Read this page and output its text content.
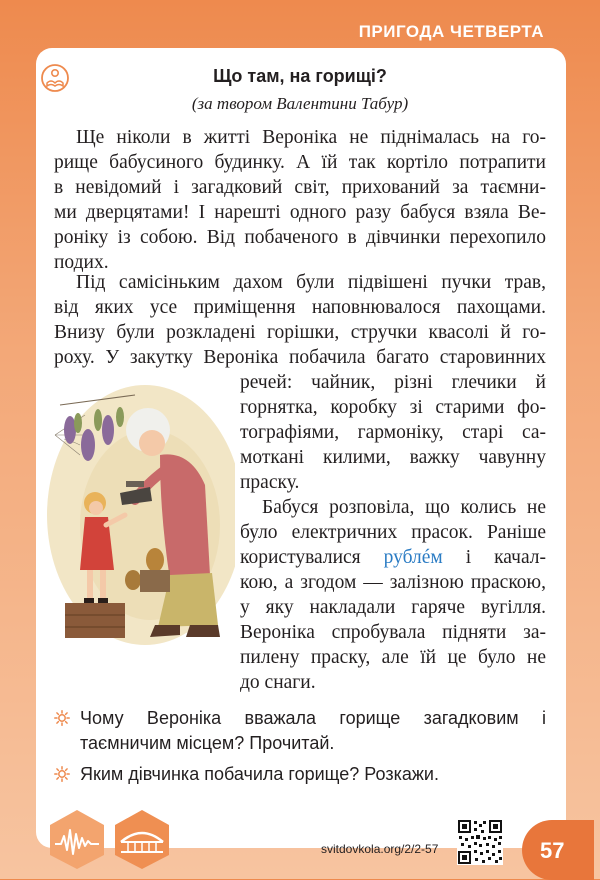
ПРИГОДА ЧЕТВЕРТА
Що там, на горищі?
(за твором Валентини Табур)

Ще ніколи в житті Вероніка не піднімалась на го-
рище бабусиного будинку. А їй так кортіло потрапити
в невідомий і загадковий світ, прихований за таємни-
ми дверцятами! І нарешті одного разу бабуся взяла Ве-
роніку із собою. Від побаченого в дівчинки перехопило
подих.

Під самісіньким дахом були підвішені пучки трав,
від яких усе приміщення наповнювалося пахощами.
Внизу були розкладені горішки, стручки квасолі й го-
роху. У закутку Вероніка побачила багато старовинних

речей: чайник, різні глечики й
горнятка, коробку зі старими фо-
тографіями, гармоніку, старі са-
моткані килими, важку чавунну
праску.

Бабуся розповіла, що колись не
було електричних прасок. Раніше
користувалися рублéм і качал-
кою, а згодом — залізною праскою,
у яку накладали гаряче вугілля.
Вероніка спробувала підняти за-
пилену праску, але їй це було не
до снаги.

Чому Вероніка вважала горище загадковим і таємничим місцем? Прочитай.
Яким дівчинка побачила горище? Розкажи.
svitdovkola.org/2/2-57	57
